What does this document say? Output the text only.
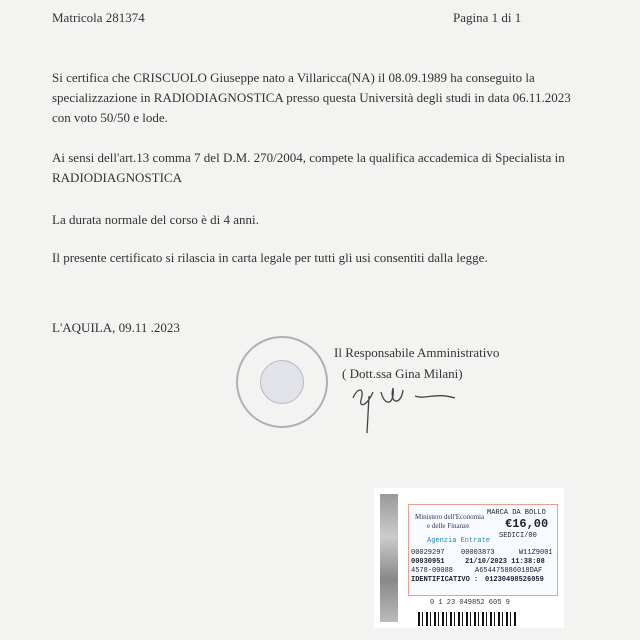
Matricola 281374	Pagina 1 di 1
Si certifica che CRISCUOLO Giuseppe nato a Villaricca(NA) il 08.09.1989 ha conseguito la
specializzazione in RADIODIAGNOSTICA presso questa Università degli studi in data 06.11.2023
con voto 50/50 e lode.
Ai sensi dell'art.13 comma 7 del D.M. 270/2004, compete la qualifica accademica di Specialista in
RADIODIAGNOSTICA
La durata normale del corso è di 4 anni.
Il presente certificato si rilascia in carta legale per tutti gli usi consentiti dalla legge.
L'AQUILA, 09.11 .2023
Il Responsabile Amministrativo
( Dott.ssa Gina Milani)
Ministero dell'Economia
e delle Finanze
MARCA DA BOLLO
€16,00
SEDICI/00
Agenzia Entrate
00029297 00003873	W11Z9001
00030951	21/10/2023 11:38:08
4578-00088	A654475886018DAF
IDENTIFICATIVO : 01230498526059
0 1 23 049852 605 9
